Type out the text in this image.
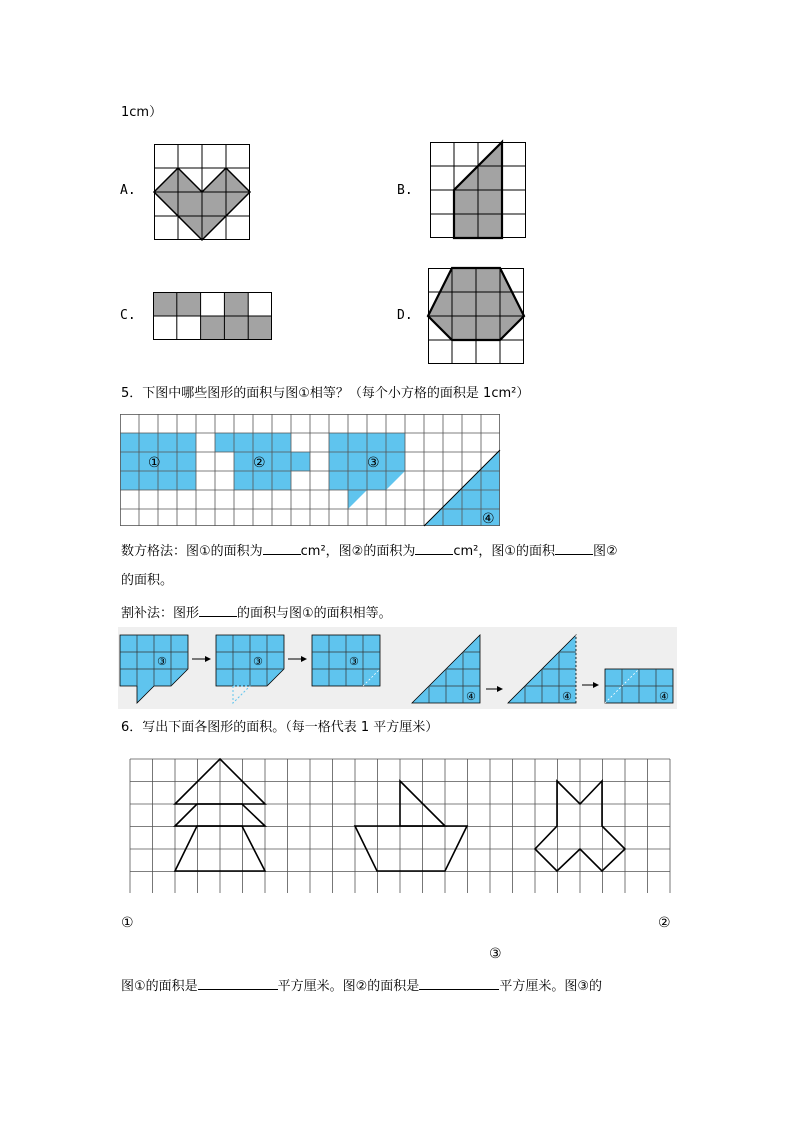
1cm）
A.	B.
C.	D.
5．下图中哪些图形的面积与图①相等？（每个小方格的面积是 1cm²）
①	②	③
④
数方格法：图①的面积为	cm²，图②的面积为	cm²，图①的面积	图②
的面积。
割补法：图形	的面积与图①的面积相等。
③	③	③
④	④	④
6．写出下面各图形的面积。（每一格代表 1 平方厘米）
①	②
③
图①的面积是	平方厘米。图②的面积是	平方厘米。图③的
